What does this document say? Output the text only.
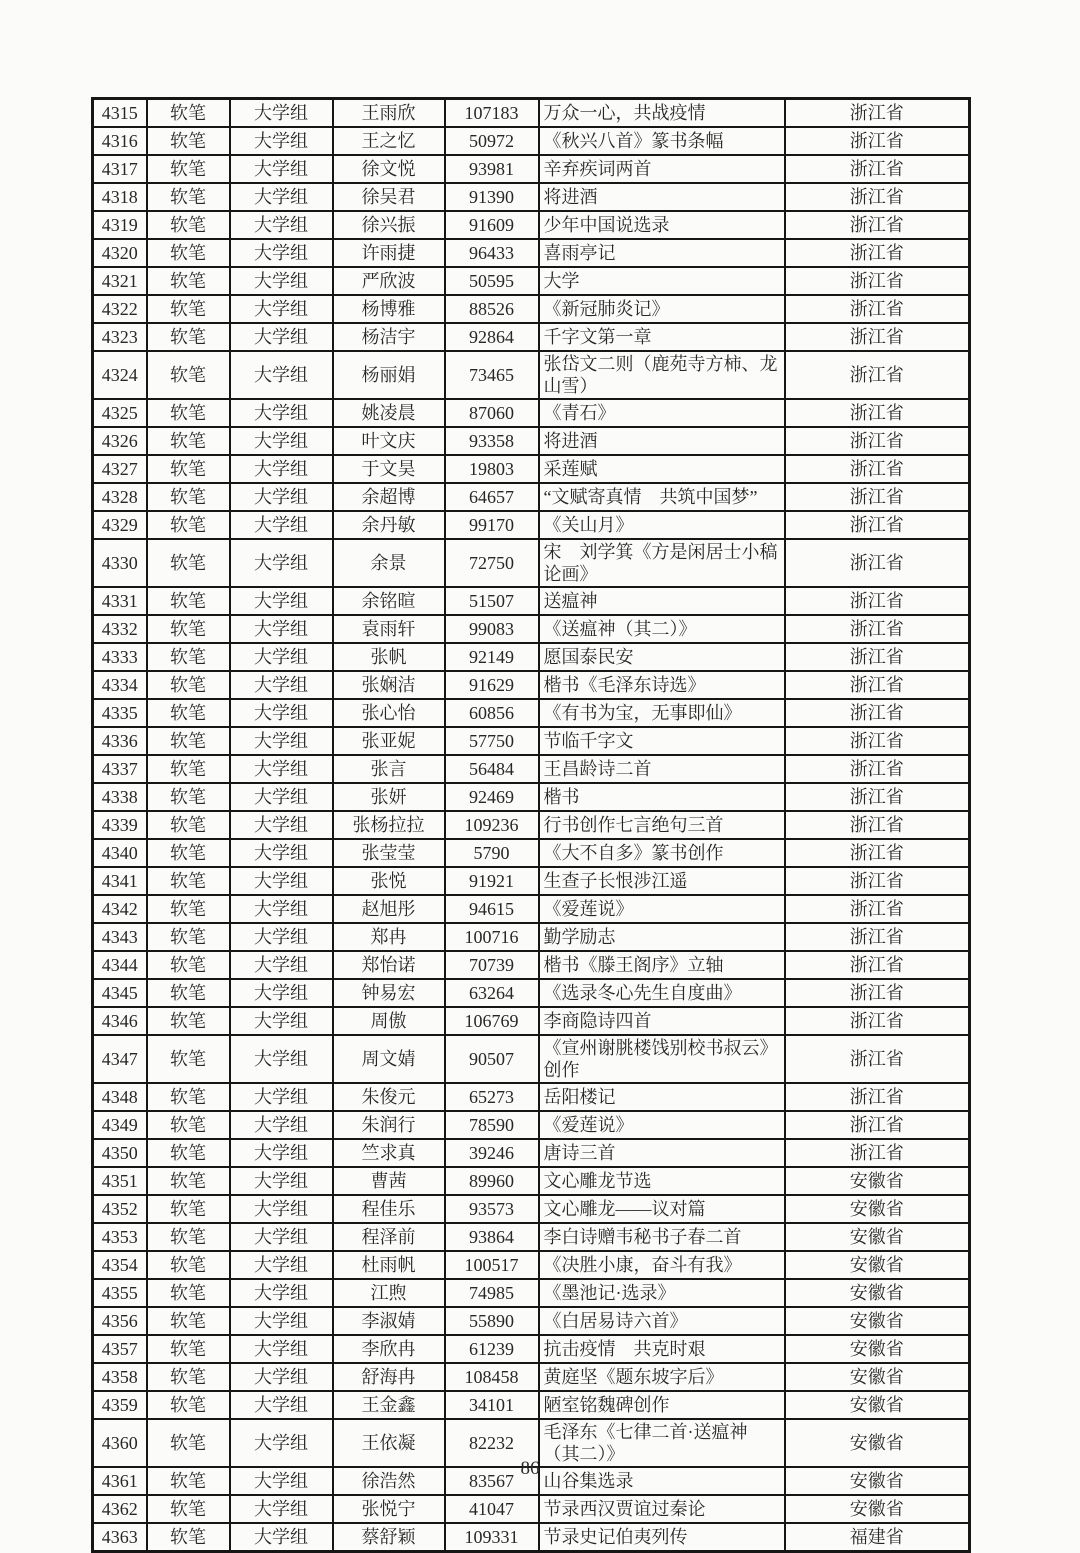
4315	软笔	大学组	王雨欣	107183	万众一心，共战疫情	浙江省
4316	软笔	大学组	王之忆	50972	《秋兴八首》篆书条幅	浙江省
4317	软笔	大学组	徐文悦	93981	辛弃疾词两首	浙江省
4318	软笔	大学组	徐吴君	91390	将进酒	浙江省
4319	软笔	大学组	徐兴振	91609	少年中国说选录	浙江省
4320	软笔	大学组	许雨捷	96433	喜雨亭记	浙江省
4321	软笔	大学组	严欣波	50595	大学	浙江省
4322	软笔	大学组	杨博雅	88526	《新冠肺炎记》	浙江省
4323	软笔	大学组	杨洁宇	92864	千字文第一章	浙江省
4324	软笔	大学组	杨丽娟	73465	张岱文二则（鹿苑寺方柿、龙山雪）	浙江省
4325	软笔	大学组	姚凌晨	87060	《青石》	浙江省
4326	软笔	大学组	叶文庆	93358	将进酒	浙江省
4327	软笔	大学组	于文昊	19803	采莲赋	浙江省
4328	软笔	大学组	余超博	64657	“文赋寄真情　共筑中国梦”	浙江省
4329	软笔	大学组	余丹敏	99170	《关山月》	浙江省
4330	软笔	大学组	余景	72750	宋　刘学箕《方是闲居士小稿论画》	浙江省
4331	软笔	大学组	余铭暄	51507	送瘟神	浙江省
4332	软笔	大学组	袁雨轩	99083	《送瘟神（其二）》	浙江省
4333	软笔	大学组	张帆	92149	愿国泰民安	浙江省
4334	软笔	大学组	张娴洁	91629	楷书《毛泽东诗选》	浙江省
4335	软笔	大学组	张心怡	60856	《有书为宝，无事即仙》	浙江省
4336	软笔	大学组	张亚妮	57750	节临千字文	浙江省
4337	软笔	大学组	张言	56484	王昌龄诗二首	浙江省
4338	软笔	大学组	张妍	92469	楷书	浙江省
4339	软笔	大学组	张杨拉拉	109236	行书创作七言绝句三首	浙江省
4340	软笔	大学组	张莹莹	5790	《大不自多》篆书创作	浙江省
4341	软笔	大学组	张悦	91921	生查子长恨涉江遥	浙江省
4342	软笔	大学组	赵旭彤	94615	《爱莲说》	浙江省
4343	软笔	大学组	郑冉	100716	勤学励志	浙江省
4344	软笔	大学组	郑怡诺	70739	楷书《滕王阁序》立轴	浙江省
4345	软笔	大学组	钟易宏	63264	《选录冬心先生自度曲》	浙江省
4346	软笔	大学组	周傲	106769	李商隐诗四首	浙江省
4347	软笔	大学组	周文婧	90507	《宣州谢朓楼饯别校书叔云》创作	浙江省
4348	软笔	大学组	朱俊元	65273	岳阳楼记	浙江省
4349	软笔	大学组	朱润行	78590	《爱莲说》	浙江省
4350	软笔	大学组	竺求真	39246	唐诗三首	浙江省
4351	软笔	大学组	曹茜	89960	文心雕龙节选	安徽省
4352	软笔	大学组	程佳乐	93573	文心雕龙——议对篇	安徽省
4353	软笔	大学组	程泽前	93864	李白诗赠韦秘书子春二首	安徽省
4354	软笔	大学组	杜雨帆	100517	《决胜小康，奋斗有我》	安徽省
4355	软笔	大学组	江煦	74985	《墨池记·选录》	安徽省
4356	软笔	大学组	李淑婧	55890	《白居易诗六首》	安徽省
4357	软笔	大学组	李欣冉	61239	抗击疫情　共克时艰	安徽省
4358	软笔	大学组	舒海冉	108458	黄庭坚《题东坡字后》	安徽省
4359	软笔	大学组	王金鑫	34101	陋室铭魏碑创作	安徽省
4360	软笔	大学组	王依凝	82232	毛泽东《七律二首·送瘟神（其二）》	安徽省
4361	软笔	大学组	徐浩然	83567	山谷集选录	安徽省
4362	软笔	大学组	张悦宁	41047	节录西汉贾谊过秦论	安徽省
4363	软笔	大学组	蔡舒颖	109331	节录史记伯夷列传	福建省
86
